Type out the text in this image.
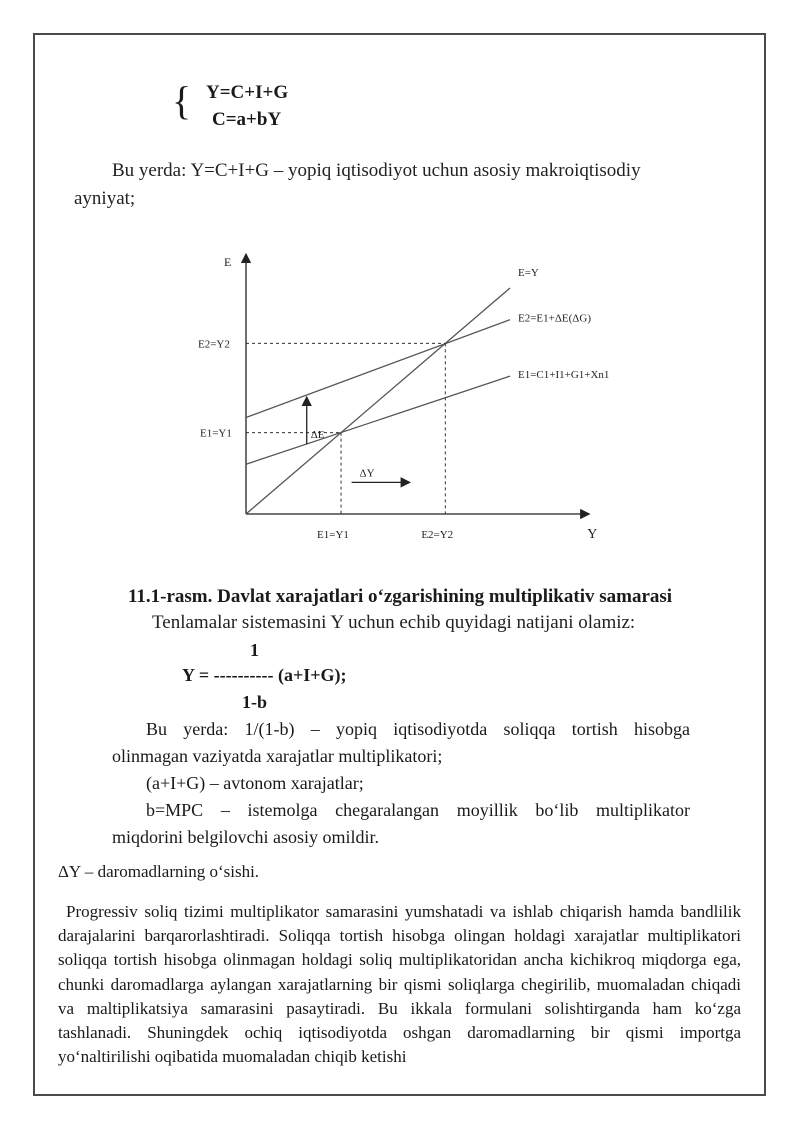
{ Y=C+I+G
C=a+bY
Bu yerda: Y=C+I+G – yopiq iqtisodiyot uchun asosiy makroiqtisodiy
ayniyat;
E
Y
E=Y
E2=E1+ΔE(ΔG)
E1=C1+I1+G1+Xn1
E1=Y1	E2=Y2
E2=Y2
E1=Y1	ΔE
ΔY
11.1-rasm. Davlat xarajatlari o‘zgarishining multiplikativ samarasi
Tenlamalar sistemasini Y uchun echib quyidagi natijani olamiz:
1
Y = ---------- (a+I+G);
1-b

Bu yerda: 1/(1-b) – yopiq iqtisodiyotda soliqqa tortish hisobga

olinmagan vaziyatda xarajatlar multiplikatori;

(a+I+G) – avtonom xarajatlar;

b=MPC – istemolga chegaralangan moyillik bo‘lib multiplikator

miqdorini belgilovchi asosiy omildir.

ΔY – daromadlarning o‘sishi.

Progressiv soliq tizimi multiplikator samarasini yumshatadi va ishlab chiqarish hamda bandlilik darajalarini barqarorlashtiradi. Soliqqa tortish hisobga olingan holdagi xarajatlar multiplikatori soliqqa tortish hisobga olinmagan holdagi soliq multiplikatoridan ancha kichikroq miqdorga ega, chunki daromadlarga aylangan xarajatlarning bir qismi soliqlarga chegirilib, muomaladan chiqadi va maltiplikatsiya samarasini pasaytiradi. Bu ikkala formulani solishtirganda ham ko‘zga tashlanadi. Shuningdek ochiq iqtisodiyotda oshgan daromadlarning bir qismi importga yo‘naltirilishi oqibatida muomaladan chiqib ketishi
